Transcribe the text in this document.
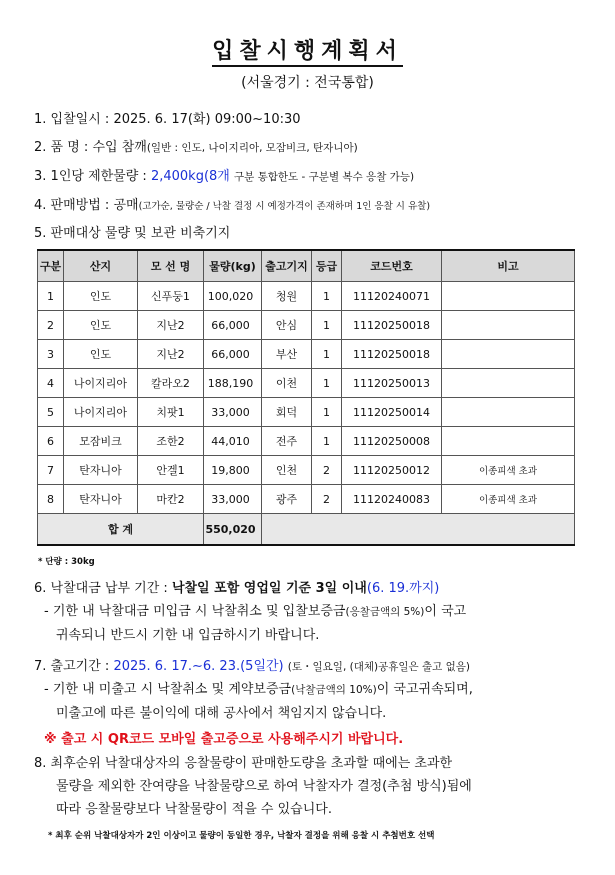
입찰시행계획서
(서울경기 : 전국통합)
1. 입찰일시 : 2025. 6. 17(화) 09:00~10:30
2. 품 명 : 수입 참깨(일반 : 인도, 나이지리아, 모잠비크, 탄자니아)
3. 1인당 제한물량 : 2,400kg(8개 구분 통합한도 - 구분별 복수 응찰 가능)
4. 판매방법 : 공매(고가순, 물량순 / 낙찰 결정 시 예정가격이 존재하며 1인 응찰 시 유찰)
5. 판매대상 물량 및 보관 비축기지
구분	산지	모 선 명	물량(kg)	출고기지	등급	코드번호	비고
1	인도	신푸둥1	100,020	청원	1	11120240071	
2	인도	지난2	66,000	안심	1	11120250018	
3	인도	지난2	66,000	부산	1	11120250018	
4	나이지리아	칼라오2	188,190	이천	1	11120250013	
5	나이지리아	치팟1	33,000	회덕	1	11120250014	
6	모잠비크	조한2	44,010	전주	1	11120250008	
7	탄자니아	안겔1	19,800	인천	2	11120250012	이종피색 초과
8	탄자니아	마칸2	33,000	광주	2	11120240083	이종피색 초과
합 계			550,020				
* 단량 : 30kg
6. 낙찰대금 납부 기간 : 낙찰일 포함 영업일 기준 3일 이내(6. 19.까지)
- 기한 내 낙찰대금 미입금 시 낙찰취소 및 입찰보증금(응찰금액의 5%)이 국고
귀속되니 반드시 기한 내 입금하시기 바랍니다.
7. 출고기간 : 2025. 6. 17.∼6. 23.(5일간) (토・일요일, (대체)공휴일은 출고 없음)
- 기한 내 미출고 시 낙찰취소 및 계약보증금(낙찰금액의 10%)이 국고귀속되며,
미출고에 따른 불이익에 대해 공사에서 책임지지 않습니다.
※ 출고 시 QR코드 모바일 출고증으로 사용해주시기 바랍니다.
8. 최후순위 낙찰대상자의 응찰물량이 판매한도량을 초과할 때에는 초과한
물량을 제외한 잔여량을 낙찰물량으로 하여 낙찰자가 결정(추첨 방식)됨에
따라 응찰물량보다 낙찰물량이 적을 수 있습니다.
* 최후 순위 낙찰대상자가 2인 이상이고 물량이 동일한 경우, 낙찰자 결정을 위해 응찰 시 추첨번호 선택
